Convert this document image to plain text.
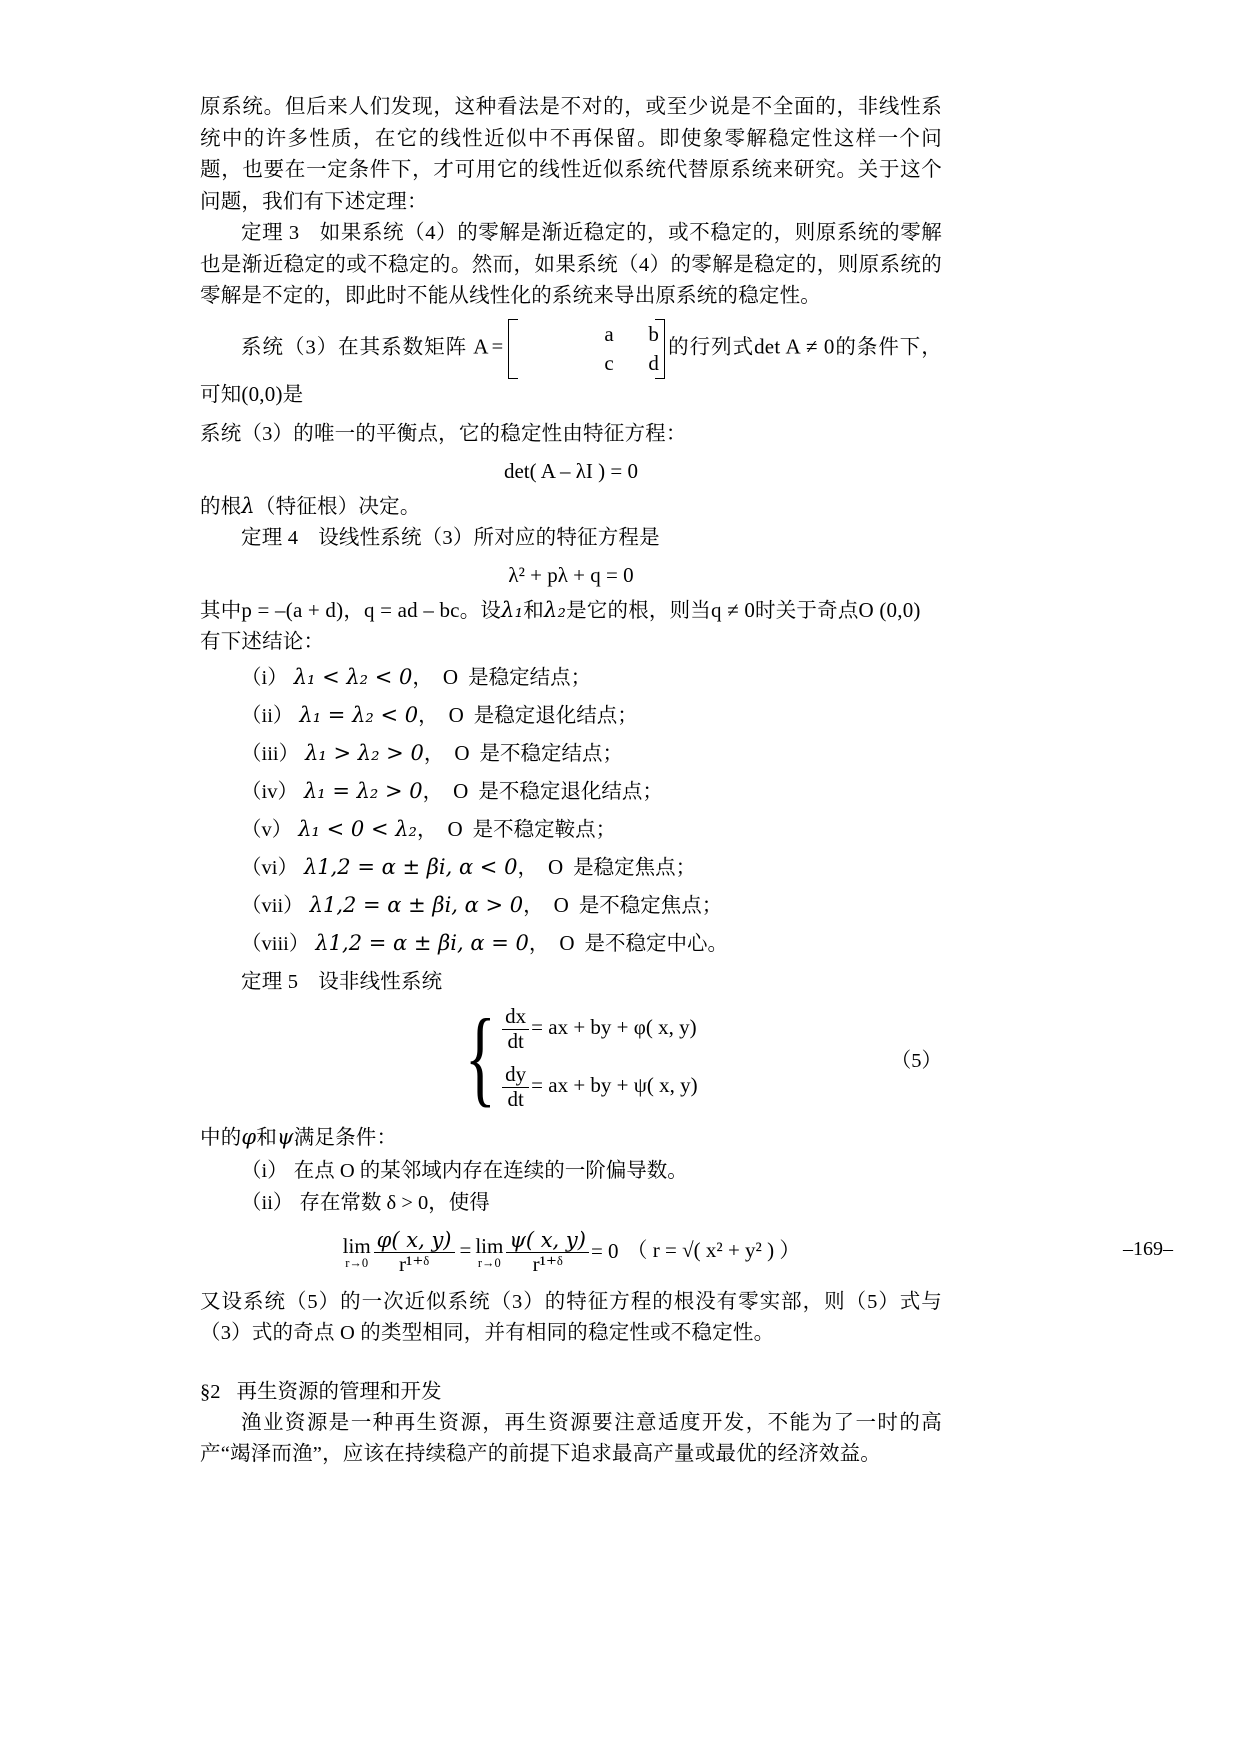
原系统。但后来人们发现，这种看法是不对的，或至少说是不全面的，非线性系统中的许多性质，在它的线性近似中不再保留。即使象零解稳定性这样一个问题，也要在一定条件下，才可用它的线性近似系统代替原系统来研究。关于这个问题，我们有下述定理：

定理 3 如果系统（4）的零解是渐近稳定的，或不稳定的，则原系统的零解也是渐近稳定的或不稳定的。然而，如果系统（4）的零解是稳定的，则原系统的零解是不定的，即此时不能从线性化的系统来导出原系统的稳定性。

系统（3）在其系数矩阵 A =
a b
c d
的行列式det A ≠ 0的条件下，可知(0,0)是

系统（3）的唯一的平衡点，它的稳定性由特征方程：

det( A – λI ) = 0

的根λ（特征根）决定。

定理 4 设线性系统（3）所对应的特征方程是

λ² + pλ + q = 0

其中p = –(a + d)，q = ad – bc。设λ₁和λ₂是它的根，则当q ≠ 0时关于奇点O (0,0)
有下述结论：

（i） λ₁ < λ₂ < 0， O 是稳定结点；
（ii） λ₁ = λ₂ < 0， O 是稳定退化结点；
（iii） λ₁ > λ₂ > 0， O 是不稳定结点；
（iv） λ₁ = λ₂ > 0， O 是不稳定退化结点；
（v） λ₁ < 0 < λ₂， O 是不稳定鞍点；
（vi） λ1,2 = α ± βi, α < 0， O 是稳定焦点；
（vii） λ1,2 = α ± βi, α > 0， O 是不稳定焦点；
（viii） λ1,2 = α ± βi, α = 0， O 是不稳定中心。

定理 5 设非线性系统

{ $\frac{dx}{dt}$ = ax + by + φ( x, y)
$\frac{dy}{dt}$ = ax + by + ψ( x, y)
（5）

中的φ和ψ满足条件：

（i） 在点 O 的某邻域内存在连续的一阶偏导数。
（ii） 存在常数 δ > 0，使得
lim
$r\to 0 \frac{\varphi( x, y)}{\text{r¹⁺ᵟ}} = \lim$
$r\to 0 \frac{\psi( x, y)}{\text{r¹⁺ᵟ}} = 0$ （ r = √( x² + y² ) ）

又设系统（5）的一次近似系统（3）的特征方程的根没有零实部，则（5）式与（3）式的奇点 O 的类型相同，并有相同的稳定性或不稳定性。

§2 再生资源的管理和开发

渔业资源是一种再生资源，再生资源要注意适度开发，不能为了一时的高产“竭泽而渔”，应该在持续稳产的前提下追求最高产量或最优的经济效益。

–169–
